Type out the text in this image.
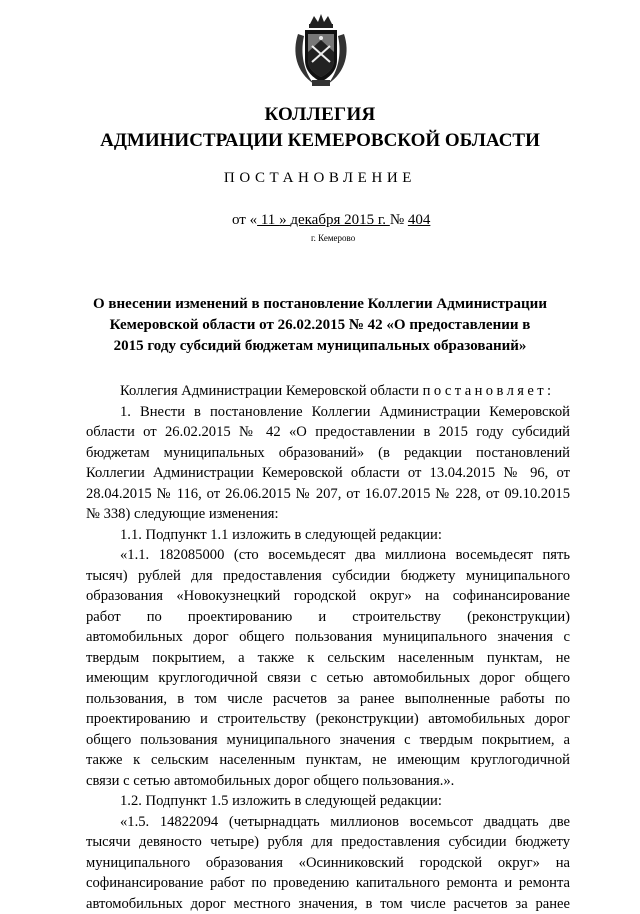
КОЛЛЕГИЯ
АДМИНИСТРАЦИИ КЕМЕРОВСКОЙ ОБЛАСТИ
ПОСТАНОВЛЕНИЕ
от « 11 » декабря 2015 г. № 404
г. Кемерово
О внесении изменений в постановление Коллегии Администрации
Кемеровской области от 26.02.2015 № 42 «О предоставлении в
2015 году субсидий бюджетам муниципальных образований»
Коллегия Администрации Кемеровской области постановляет:
1. Внести в постановление Коллегии Администрации Кемеровской
области от 26.02.2015 № 42 «О предоставлении в 2015 году субсидий
бюджетам муниципальных образований» (в редакции постановлений
Коллегии Администрации Кемеровской области от 13.04.2015 № 96, от
28.04.2015 № 116, от 26.06.2015 № 207, от 16.07.2015 № 228, от 09.10.2015
№ 338) следующие изменения:
1.1. Подпункт 1.1 изложить в следующей редакции:
«1.1. 182085000 (сто восемьдесят два миллиона восемьдесят пять
тысяч) рублей для предоставления субсидии бюджету муниципального
образования «Новокузнецкий городской округ» на софинансирование
работ по проектированию и строительству (реконструкции)
автомобильных дорог общего пользования муниципального значения с
твердым покрытием, а также к сельским населенным пунктам, не
имеющим круглогодичной связи с сетью автомобильных дорог общего
пользования, в том числе расчетов за ранее выполненные работы по
проектированию и строительству (реконструкции) автомобильных дорог
общего пользования муниципального значения с твердым покрытием, а
также к сельским населенным пунктам, не имеющим круглогодичной
связи с сетью автомобильных дорог общего пользования.».
1.2. Подпункт 1.5 изложить в следующей редакции:
«1.5. 14822094 (четырнадцать миллионов восемьсот двадцать две
тысячи девяносто четыре) рубля для предоставления субсидии бюджету
муниципального образования «Осинниковский городской округ» на
софинансирование работ по проведению капитального ремонта и ремонта
автомобильных дорог местного значения, в том числе расчетов за ранее
